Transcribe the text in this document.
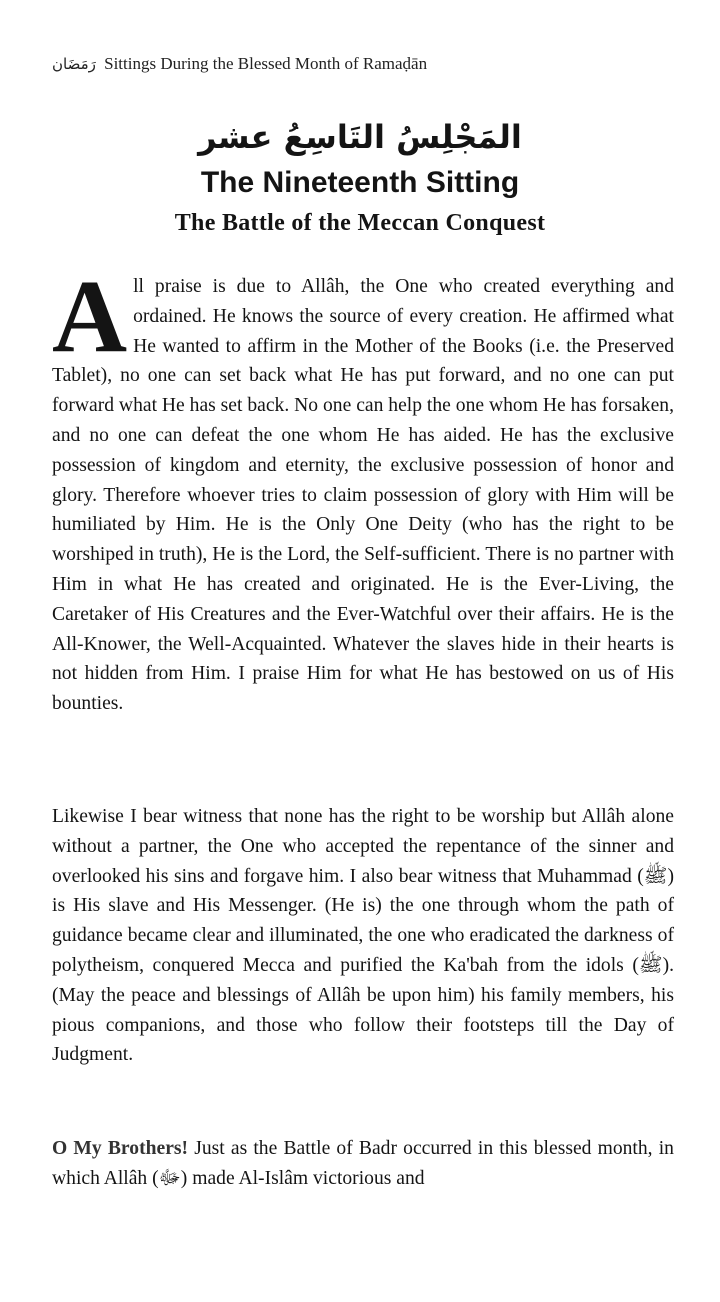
رَمَضَان Sittings During the Blessed Month of Ramaḍān
المَجْلِسُ التَاسِعُ عشر
The Nineteenth Sitting
The Battle of the Meccan Conquest
All praise is due to Allâh, the One who created everything and ordained. He knows the source of every creation. He affirmed what He wanted to affirm in the Mother of the Books (i.e. the Preserved Tablet), no one can set back what He has put forward, and no one can put forward what He has set back. No one can help the one whom He has forsaken, and no one can defeat the one whom He has aided. He has the exclusive possession of kingdom and eternity, the exclusive possession of honor and glory. Therefore whoever tries to claim possession of glory with Him will be humiliated by Him. He is the Only One Deity (who has the right to be worshiped in truth), He is the Lord, the Self-sufficient. There is no partner with Him in what He has created and originated. He is the Ever-Living, the Caretaker of His Creatures and the Ever-Watchful over their affairs. He is the All-Knower, the Well-Acquainted. Whatever the slaves hide in their hearts is not hidden from Him. I praise Him for what He has bestowed on us of His bounties.
Likewise I bear witness that none has the right to be worship but Allâh alone without a partner, the One who accepted the repentance of the sinner and overlooked his sins and forgave him. I also bear witness that Muhammad (ﷺ) is His slave and His Messenger. (He is) the one through whom the path of guidance became clear and illuminated, the one who eradicated the darkness of polytheism, conquered Mecca and purified the Ka'bah from the idols (ﷺ). (May the peace and blessings of Allâh be upon him) his family members, his pious companions, and those who follow their footsteps till the Day of Judgment.
O My Brothers! Just as the Battle of Badr occurred in this blessed month, in which Allâh (ﷻ) made Al-Islâm victorious and
